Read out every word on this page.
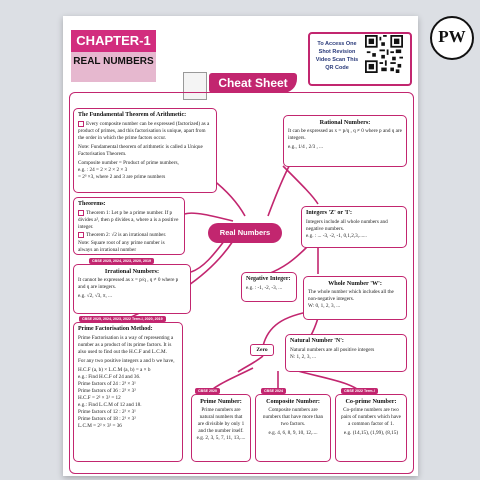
CHAPTER-1
REAL NUMBERS
Cheat Sheet
To Access One Shot Revision Video Scan This QR Code
The Fundamental Theorem of Arithmetic:

Every composite number can be expressed (factorized) as a product of primes, and this factorisation is unique, apart from the order in which the prime factors occur.

Note: Fundamental theorem of arithmetic is called a Unique Factorisation Theorem.

Composite number = Product of prime numbers,

e.g. : 24 = 2 × 2 × 2 × 3

= 2³ ×3, where 2 and 3 are prime numbers

Theorems:

Theorem 1: Let p be a prime number. If p divides a², then p divides a, where a is a positive integer.

Theorem 2: √2 is an irrational number.

Note: Square root of any prime number is always an irrational number

CBSE 2025, 2024, 2023, 2020, 2019
Irrational Numbers:

It cannot be expressed as x = p/q , q ≠ 0 where p and q are integers.

e.g. √2, √3, π, ...

CBSE 2025, 2024, 2023, 2022 Term-I, 2020, 2019
Prime Factorisation Method:

Prime Factorisation is a way of representing a number as a product of its prime factors. It is also used to find out the H.C.F and L.C.M.

For any two positive integers a and b we have,

H.C.F (a, b) × L.C.M (a, b) = a × b

e.g.: Find H.C.F of 24 and 36.

Prime factors of 24 : 2³ × 3¹

Prime factors of 36 : 2² × 3²

H.C.F = 2² × 3¹ = 12

e.g.: Find L.C.M of 12 and 18.

Prime factors of 12 : 2² × 3¹

Prime factors of 18 : 2¹ × 3²

L.C.M = 2² × 3² = 36

Real Numbers
Rational Numbers:

It can be expressed as x = p/q , q ≠ 0 where p and q are integers.

e.g., 1/4 , 2/3 , ...

Integers 'Z' or 'I':

Integers include all whole numbers and negative numbers.

e.g. : ... -3, -2, -1, 0,1,2,3,......

Negative Integer:

e.g. : -1, -2, -3, ...

Whole Number 'W':

The whole number which includes all the non-negative integers.

W: 0, 1, 2, 3, ...

Zero
Natural Number 'N':

Natural numbers are all positive integers

N: 1, 2, 3, ...

CBSE 2020
Prime Number:

Prime numbers are natural numbers that are divisible by only 1 and the number itself.

e.g. 2, 3, 5, 7, 11, 13,....

CBSE 2024
Composite Number:

Composite numbers are numbers that have more than two factors.

e.g. 4, 6, 8, 9, 10, 12,....

CBSE 2022 Term-I
Co-prime Number:

Co-prime numbers are two pairs of numbers which have a common factor of 1.

e.g. (14,15), (1,99), (8,15)

PW
